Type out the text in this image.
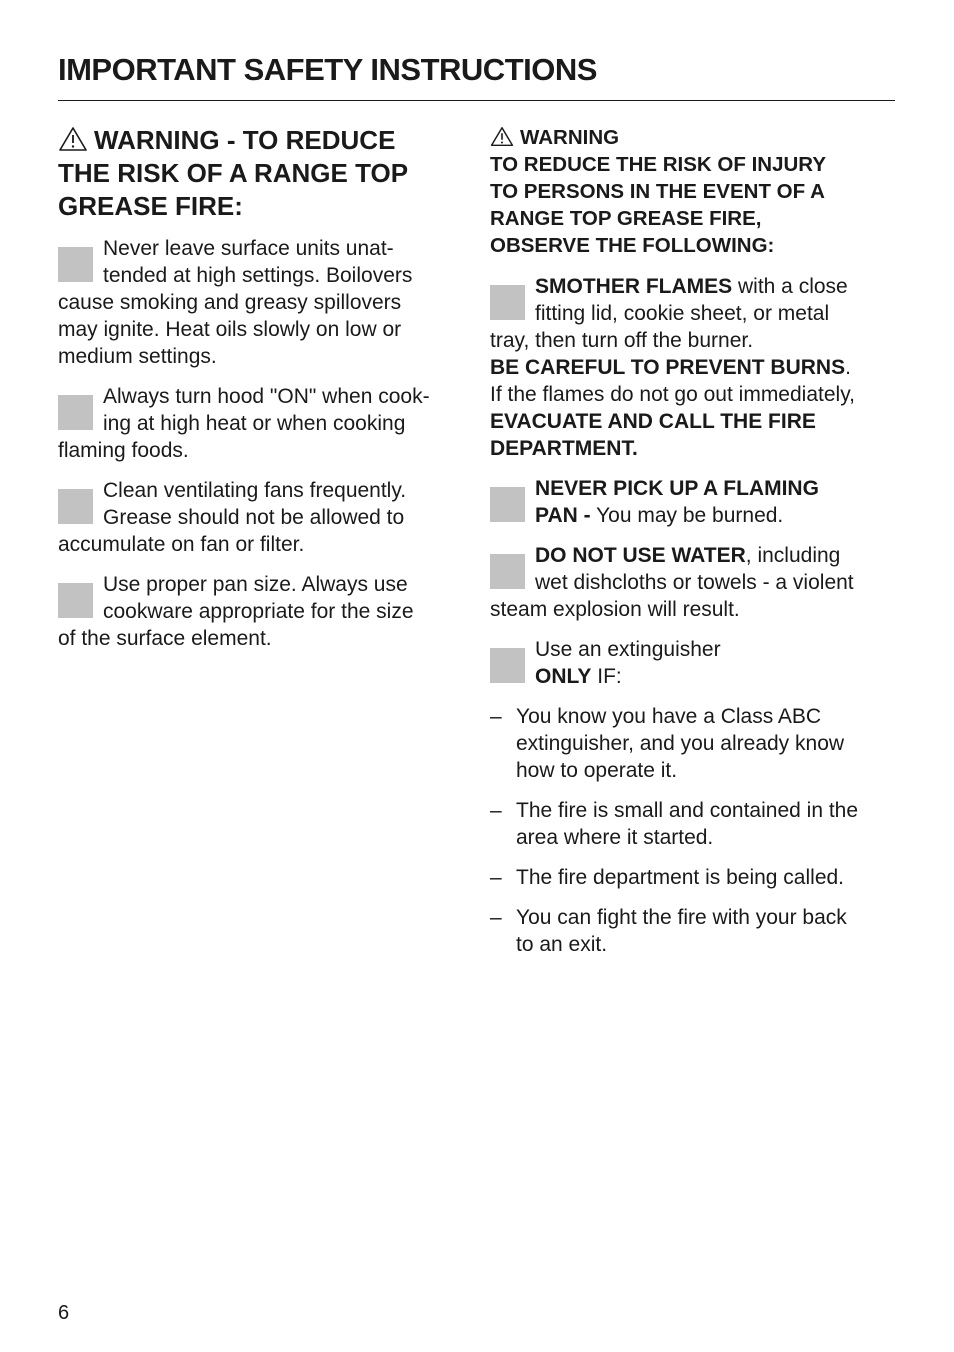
IMPORTANT SAFETY INSTRUCTIONS
WARNING - TO REDUCE
THE RISK OF A RANGE TOP
GREASE FIRE:
Never leave surface units unat-
tended at high settings. Boilovers
cause smoking and greasy spillovers
may ignite. Heat oils slowly on low or
medium settings.
Always turn hood "ON" when cook-
ing at high heat or when cooking
flaming foods.
Clean ventilating fans frequently.
Grease should not be allowed to
accumulate on fan or filter.
Use proper pan size. Always use
cookware appropriate for the size
of the surface element.
WARNING
TO REDUCE THE RISK OF INJURY
TO PERSONS IN THE EVENT OF A
RANGE TOP GREASE FIRE,
OBSERVE THE FOLLOWING:
SMOTHER FLAMES with a close
fitting lid, cookie sheet, or metal
tray, then turn off the burner.
BE CAREFUL TO PREVENT BURNS.
If the flames do not go out immediately,
EVACUATE AND CALL THE FIRE
DEPARTMENT.
NEVER PICK UP A FLAMING
PAN - You may be burned.
DO NOT USE WATER, including
wet dishcloths or towels - a violent
steam explosion will result.
Use an extinguisher
ONLY IF:
– You know you have a Class ABC
extinguisher, and you already know
how to operate it.
– The fire is small and contained in the
area where it started.
– The fire department is being called.
– You can fight the fire with your back
to an exit.
6
